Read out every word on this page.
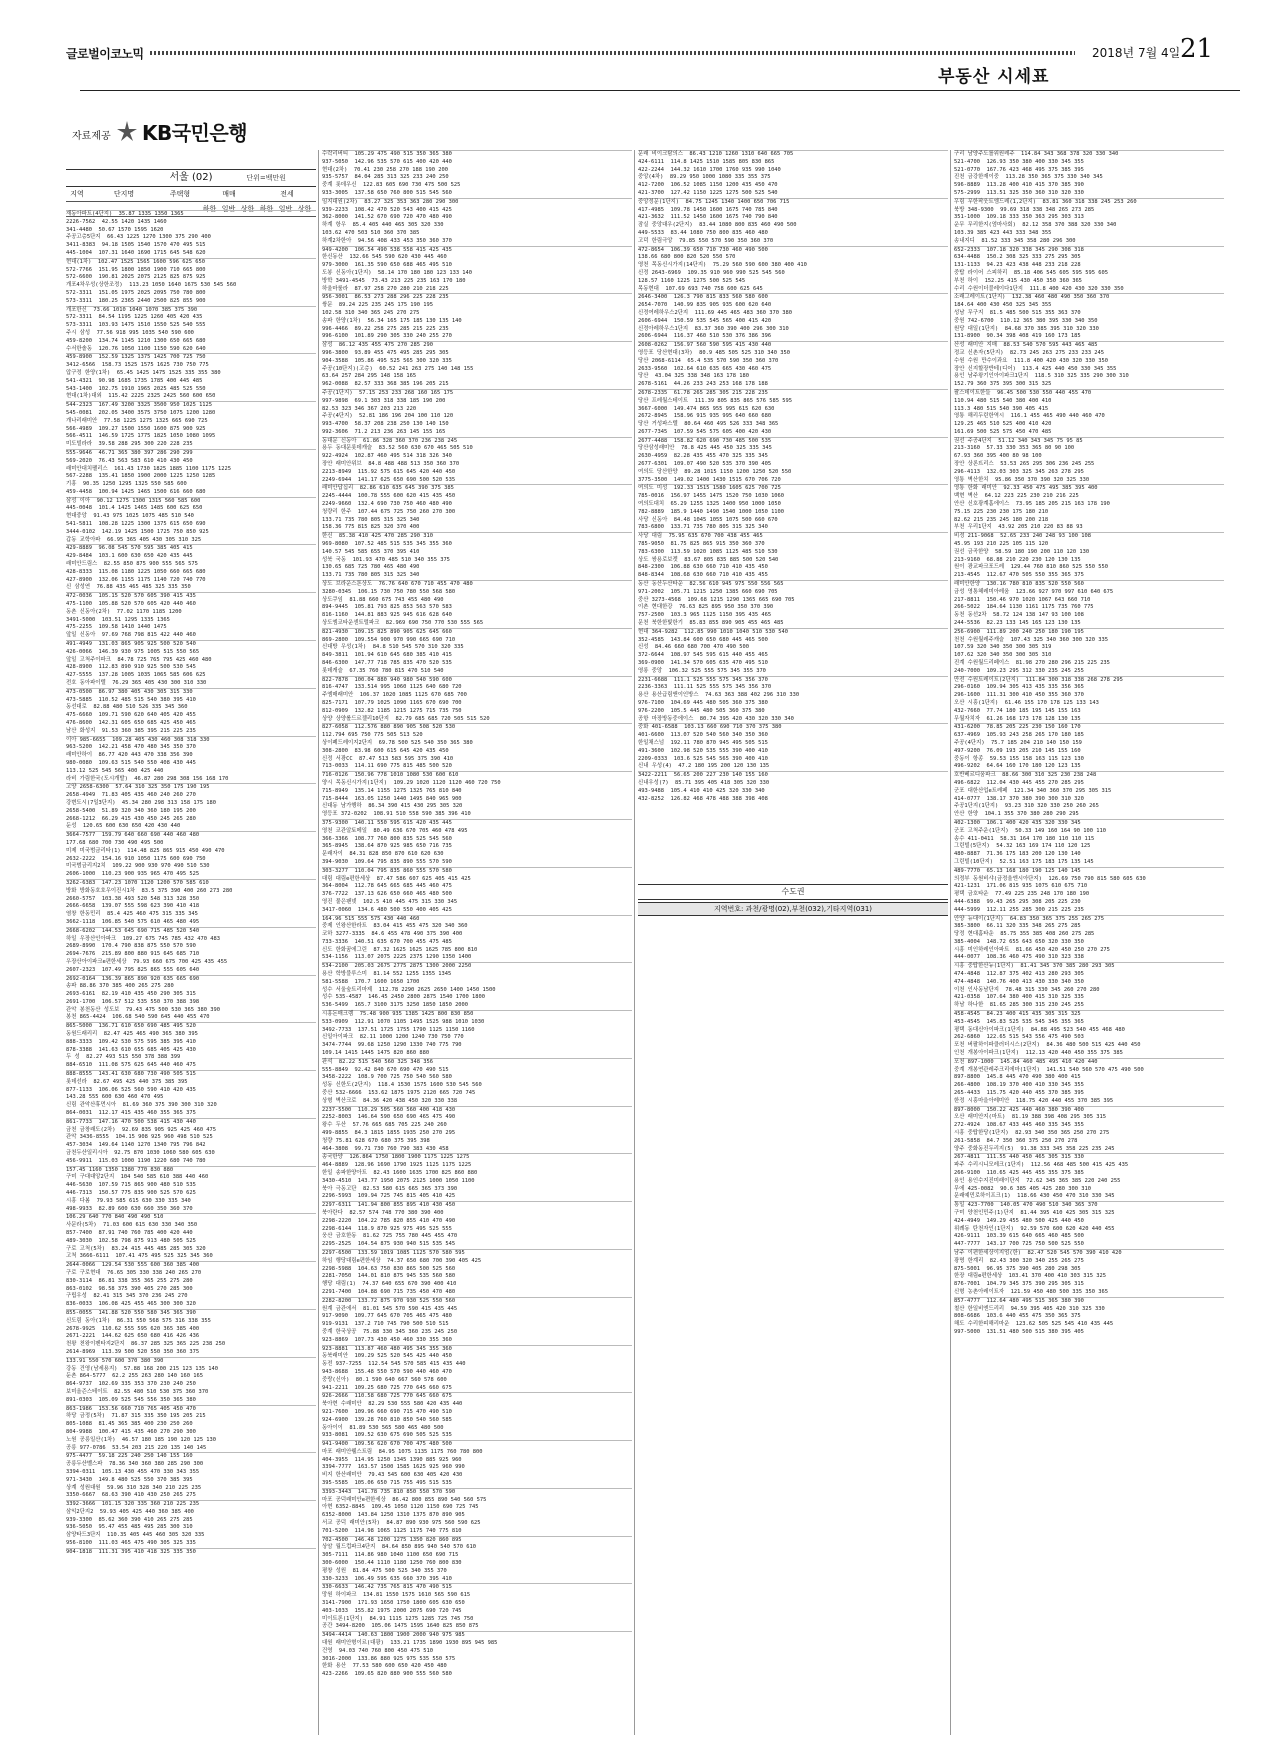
글로벌이코노믹	2018년 7월 4일 21
부동산 시세표
자료제공 KB국민은행
서울 (02)	단위=백만원
지역	단지명	주택형	매매	전세
하한 일반 상한 하한 일반 상한
재동아파트(4단지)  35.87 1335 1350 1365
2226-7562  42.55 1420 1435 1460
341-4480  50.67 1570 1595 1620
주공고층5단지  66.43 1225 1270 1300 375 290 400
3411-8383  94.18 1505 1540 1570 470 495 515
445-1004  107.31 1640 1690 1715 645 548 620
현대(1차)  102.47 1525 1565 1600 596 625 650
572-7766  151.95 1800 1850 1900 710 665 800
572-6600  190.81 2025 2075 2125 825 875 925
개포4차우성(상한조정)  113.23 1050 1640 1675 530 545 560
572-3311  151.05 1975 2025 2095 750 780 800
573-3311  180.25 2365 2440 2500 825 855 900
개포한신  73.66 1010 1040 1070 385 375 390
572-3311  84.54 1195 1225 1260 405 420 435
573-3311  103.93 1475 1510 1550 525 540 555
주시 삼성  77.56 918 995 1035 540 590 600
459-8200  134.74 1145 1210 1300 650 665 680
수서한솔동  120.76 1050 1100 1150 590 620 640
459-8900  152.59 1325 1375 1425 700 725 750
3412-6566  158.73 1525 1575 1625 730 750 775
압구정 한양(1차)  65.45 1425 1475 1525 335 355 380
541-4321  90.98 1685 1735 1785 400 445 485
543-1400  102.75 1910 1965 2025 485 525 550
현대(1차)대외  115.42 2225 2325 2425 560 600 650
544-2323  167.49 3200 3325 3500 950 1025 1125
545-0081  202.05 3400 3575 3750 1075 1200 1280
개나리래미안  77.58 1225 1275 1325 665 690 725
566-4989  109.27 1500 1550 1600 875 900 925
566-4511  146.59 1725 1775 1825 1050 1080 1095
미도빌라라  39.58 288 295 300 220 228 235
555-9646  46.71 365 380 397 286 290 299
569-2020  76.43 563 583 610 410 430 450
래미안대치팰리스  161.43 1730 1825 1885 1100 1175 1225
567-2288  135.41 1850 1900 2000 1225 1250 1285
기흥  90.35 1250 1295 1325 550 585 600
459-4458  100.94 1425 1465 1500 616 660 680
삼성 이아  90.12 1275 1300 1315 560 585 600
445-0048  101.4 1425 1465 1485 600 625 650
현대중앙  91.43 975 1025 1075 485 510 540
541-5811  108.28 1225 1300 1375 615 650 690
3444-0102  142.19 1425 1500 1725 750 850 925
갑동 교학아파  66.95 365 405 430 305 310 325
429-8889  96.08 545 570 595 385 405 415
429-8484  103.1 600 630 650 420 435 445
래미안드림스  82.55 850 875 900 555 565 575
428-8333  115.08 1180 1225 1050 660 665 680
427-8900  132.06 1155 1175 1140 720 740 770
신 삼성연  76.88 435 465 485 325 335 350
472-0036  105.15 520 570 605 390 415 435
475-1100  105.88 520 570 605 420 440 460
동촌 신동아(2차)  77.02 1170 1185 1200
3491-5000  103.51 1295 1335 1365
475-2255  109.58 1410 1440 1475
앞일 신동아  97.69 768 798 815 422 440 460
491-4949  131.03 865 905 925 500 520 540
426-0066  146.39 930 975 1005 515 550 565
앞일 고척주이파크  84.78 725 765 795 425 460 480
428-8900  112.83 890 910 925 500 530 545
427-5555  137.28 1005 1035 1065 585 606 625
전호 동아파이텔  76.29 365 405 430 300 310 330
473-0500  86.97 380 405 430 305 315 330
473-5885  110.52 485 515 540 380 395 410
동선대로  82.88 480 510 526 335 345 360
475-6660  109.71 590 620 640 405 420 455
476-8600  142.31 605 650 685 425 450 465
남산 화성지  91.53 360 385 395 215 225 235
이아 985-6655  109.28 405 430 460 308 318 330
963-5200  142.21 458 470 480 345 350 370
래미안하이  86.77 420 443 470 338 356 390
980-0080  109.63 515 540 550 408 430 445
113.12 525 545 565 400 425 440
라비 가림한국(도시개발)  46.87 280 298 308 156 168 170
고양 2658-6300  57.64 310 325 350 175 190 195
2658-4949  71.83 405 435 460 240 260 270
강변도시(7일3단지)  45.34 280 298 313 158 175 180
2658-5400  51.89 320 340 360 180 195 200
2668-1212  66.29 415 430 450 245 265 280
둔성  120.65 600 630 650 420 430 440
3664-7577  159.79 640 660 690 440 460 480
177.68 680 700 730 490 495 500
미제 미국범금리타(1)  114.48 825 865 915 450 490 470
2632-2222  154.16 910 1050 1175 600 690 750
미국범금리지2치  109.22 900 930 970 490 510 530
2606-1000  110.23 900 935 965 470 495 525
3262-6383  147.23 1070 1120 1200 570 585 610
방화 방화동호호우이진시1차  83.5 375 390 400 260 273 280
2660-5757  103.38 493 520 548 313 328 350
2666-6658  139.07 555 598 623 390 410 418
염창 한동민리  85.4 425 460 475 315 335 345
3662-1118  106.85 540 575 610 465 480 495
2668-6202  144.53 645 690 715 485 520 540
하일 우장산인아파크  109.27 675 745 785 432 470 483
2689-8990  170.4 790 838 875 550 570 590
2694-7676  215.89 800 880 915 645 685 710
우장산아이파크e편한세상  79.93 660 675 700 425 435 455
2607-2323  107.49 795 825 865 555 605 640
2692-0164  136.39 865 890 920 635 665 690
송파 88.86 370 385 400 265 275 280
2693-6161  82.19 410 435 450 290 305 315
2691-1700  106.57 512 535 550 370 388 398
관악 봉천동산 성도보  79.43 475 500 530 365 380 390
봉천 865-4424  106.68 540 590 645 440 455 470
865-5000  136.71 610 650 690 485 495 520
동원드래리리  82.47 425 465 490 365 380 395
888-3333  109.42 530 575 595 385 395 410
878-3388  141.63 610 655 685 405 425 430
두 성  82.27 493 515 550 378 388 399
884-6510  111.08 575 625 645 440 460 475
888-8555  143.41 630 680 730 490 505 515
롯데선라  82.67 495 425 440 375 385 395
877-1133  106.06 525 560 590 410 420 435
143.28 555 600 630 460 470 495
신림 관악산휴먼시아  81.69 360 375 390 300 310 320
864-0031  112.17 415 435 460 355 365 375
861-7733  147.16 470 500 538 415 430 440
금천 금창래도(2차)  92.69 835 905 925 425 460 475
관악 3436-8555  104.15 908 925 960 498 510 525
457-3034  149.64 1140 1270 1340 795 796 842
금천두산일리시아  92.75 870 1030 1060 580 605 630
456-9911  115.03 1000 1190 1220 680 740 780
157.45 1160 1350 1380 770 830 880
구미 구대대앙2단지  104 540 585 610 388 440 460
446-5630  107.59 715 865 900 480 510 535
446-7313  150.57 775 835 900 525 570 625
시흥 다봄  79.93 585 615 630 330 335 340
498-9933  82.89 600 630 660 350 360 370
106.29 640 770 840 490 490 510
사문라(5차)  71.03 600 615 630 330 340 350
857-7400  87.91 740 760 785 400 420 440
489-3030  102.58 798 875 913 480 505 525
구로 고척(5차)  83.24 415 445 485 285 305 320
고척 3666-6111  107.41 475 495 525 325 345 360
2644-0066  129.54 530 555 600 360 385 400
구로 구로현대  76.65 305 330 338 240 265 270
830-3114  86.81 338 355 365 255 275 280
863-0102  98.58 375 390 405 270 285 300
구립우성  82.41 315 345 370 236 245 270
836-0033  106.08 425 455 465 300 300 320
855-0055  141.88 520 550 580 345 365 390
신도림 동아(1차)  86.31 550 568 575 316 338 355
2678-9925  110.62 555 595 620 365 385 400
2671-2221  144.62 625 650 680 416 426 436
천왕 천왕이펜타지2단지  86.37 285 325 365 225 238 250
2614-8969  113.39 500 520 550 350 360 375
133.91 550 570 600 370 380 390
강동 건영(남세용지)  57.88 168 200 215 123 135 140
둔촌 864-5777  62.2 255 263 280 140 160 165
864-9737  102.69 335 353 370 230 240 250
보미올즌스테이트  82.55 480 510 530 375 360 370
891-0303  105.09 525 545 556 350 365 380
863-1986  153.56 660 710 765 405 450 470
하당 금정(5차)  71.87 315 335 350 195 205 215
805-1088  81.45 365 385 400 230 250 260
804-9988  100.47 415 435 460 270 290 300
노원 공릉일산(1차)  46.57 180 185 190 120 125 130
공릉 977-0786  53.54 203 215 220 135 140 145
975-4477  59.18 225 240 250 140 155 160
공릉두산벨스파  78.36 340 360 380 285 290 300
3394-0311  105.13 430 455 470 330 343 355
971-3430  149.8 480 525 550 370 385 395
상계 성원대원  59.96 310 328 340 210 225 235
3350-6667  68.63 390 410 430 250 265 275
3392-3666  101.15 320 335 360 210 225 235
삼익2단지2  59.93 405 425 440 360 385 400
939-3300  85.62 360 390 410 265 275 285
936-5050  95.47 455 485 495 285 300 310
삼양타드3단지  110.35 405 445 460 305 320 335
956-8100  111.03 465 475 490 305 325 335
904-1818  111.31 395 410 418 325 335 350
수락리버티  105.29 475 490 515 350 365 380
937-5050  142.96 535 570 615 400 420 440
현대(2차)  70.41 230 258 270 188 190 200
935-5757  84.04 285 313 325 233 240 250
중계 롯데우신  122.83 605 690 730 475 500 525
933-3005  137.58 650 760 800 515 545 560
임지대원(2차)  83.27 325 353 363 280 290 300
939-2233  108.42 470 520 543 400 415 425
362-8000  141.52 670 690 720 470 480 490
하계 항우  85.4 405 440 465 305 320 330
103.62 470 503 510 360 370 385
하계2차한아  94.56 408 433 453 350 360 370
949-4200  106.54 490 538 558 415 425 435
한신동산  132.66 545 590 620 430 445 460
979-3000  161.35 590 650 688 465 495 510
도봉 신동아(1단지)  58.14 170 180 180 123 133 140
방학 3491-4545  73.43 213 225 235 163 170 180
하울마룰라  87.97 258 270 280 210 218 225
956-3001  86.53 273 288 296 225 228 235
쌍문  89.24 225 235 245 175 190 195
102.58 310 340 365 245 270 275
송파 한양(1차)  56.34 165 175 185 130 135 140
996-4466  89.22 258 275 285 215 225 235
996-6100  101.89 290 305 330 240 255 270
삼성  86.12 435 455 475 270 285 290
996-3800  93.89 455 475 495 285 295 305
904-3588  105.86 495 525 565 300 320 335
주공(10단지)(고층)  60.52 241 263 275 140 148 155
63.64 257 284 295 148 158 165
962-0088  82.57 333 368 385 196 205 215
주공(1단지)  57.15 253 233 268 160 165 175
997-9898  69.1 303 318 338 185 190 200
82.53 323 346 367 203 213 220
주공(4단지)  52.81 186 196 204 100 110 120
993-4700  58.37 208 238 250 130 140 150
992-3606  71.2 213 236 263 145 155 165
동대문 신동아  61.86 328 360 370 236 238 245
용두 동대문롯데캐슬  83.52 560 630 670 465 505 510
922-4924  102.87 460 495 514 318 326 340
장안 래미안위브  84.8 488 488 513 350 360 370
2213-8949  115.92 575 615 645 420 440 450
2249-6944  141.17 625 650 690 500 520 535
래미안답십리  82.86 610 635 645 390 375 385
2245-4444  100.78 555 600 620 415 435 450
2249-9660  132.4 690 730 750 460 480 490
청량리 한주  107.44 675 725 750 260 270 300
133.71 735 780 805 315 325 340
158.36 775 815 825 320 370 400
한신  85.38 410 425 470 285 290 310
969-8080  107.52 485 515 535 345 355 360
140.57 545 585 655 370 395 410
성북 국동  101.93 470 485 510 340 355 375
130.65 685 725 780 465 480 490
133.71 735 780 805 315 325 340
상도 브라운스톤상도  76.76 640 670 710 455 470 480
3280-0345  106.15 730 750 780 550 568 580
상도쿠임  81.88 660 675 743 455 480 490
894-9445  105.81 793 825 853 563 570 583
816-1160  144.81 883 925 945 616 628 640
상도엠코타운센트럴파크  82.969 690 750 770 530 555 565
821-4930  109.15 825 890 905 625 645 660
869-2800  109.554 900 970 990 665 690 710
신대방 우성(1차)  84.8 510 545 570 310 320 335
849-3811  101.94 610 645 680 385 410 415
846-6300  147.77 718 785 835 470 520 535
롯데캐슬  67.35 760 780 815 470 510 540
822-7878  100.04 880 940 980 540 590 600
816-4747  133.514 995 1060 1125 640 680 720
주엠매래미안  106.37 1020 1085 1125 670 685 700
825-7171  107.79 1025 1090 1165 670 690 700
812-0909  132.82 1185 1215 1275 715 735 750
상양 상양롤드르젤리10단지  82.79 685 685 720 505 515 520
827-6058  112.576 880 890 905 508 520 530
112.794 695 750 775 505 513 520
상이폐드레이지2단지  69.78 500 525 540 350 365 380
308-2800  83.98 600 615 645 420 435 450
신정 서광CC  87.47 513 583 595 375 390 410
713-0033  114.11 690 775 815 485 500 520
716-0126  150.96 778 1010 1080 530 600 610
양시 목동신시가지(1단지)  109.29 1020 1120 1120 460 720 750
715-8949  135.14 1155 1275 1325 765 810 840
715-8444  163.05 1250 1440 1495 840 965 900
신대동 남가행하  86.34 390 415 430 295 305 320
영등포 372-0202  108.91 510 558 590 385 396 410
375-9300  140.11 550 595 615 420 435 445
영천 코관알토메일  80.49 636 670 705 460 478 495
366-3366  108.77 760 800 835 525 545 560
365-8945  138.64 870 925 985 650 716 735
문래자이  84.31 828 850 870 610 620 630
394-9030  109.64 795 835 890 555 570 590
303-3277  110.04 795 835 860 555 570 580
대림 대림e편한세상  87.47 586 607 625 405 415 425
364-8004  112.78 645 665 685 445 460 475
376-7722  137.13 626 650 660 465 480 500
영진 물은팬넷  102.5 410 445 475 315 330 345
3417-0060  134.6 480 500 550 400 405 425
164.96 515 555 575 430 440 460
중제 인왕산한라트  83.04 415 455 475 320 340 360
코하 3277-3335  84.6 455 478 490 375 390 400
733-3336  140.51 635 670 700 455 475 485
신도 한화꿈에그린  87.32 1625 1625 1625 785 800 810
534-1156  113.07 2075 2225 2375 1290 1350 1400
534-2100  205.03 2675 2775 2875 1300 2000 2250
용산 학방블루스미  81.14 552 1255 1355 1345
581-5588  170.7 1600 1650 1700
성수 서울숲트리마제  112.78 2290 2625 2650 1400 1450 1500
성수 535-4587  146.45 2450 2800 2875 1540 1700 1800
536-5499  165.7 3100 3175 3250 1850 1850 2000
시흥돈매크렘  75.48 900 935 1385 1425 800 830 850
533-0909  112.91 1070 1105 1495 1525 988 1010 1030
3492-7733  137.51 1725 1755 1790 1125 1150 1160
신일아이파크  82.11 1000 1200 1240 730 750 770
3474-7744  99.68 1250 1290 1330 740 775 790
109.14 1415 1445 1475 820 860 880
판석  82.22 515 540 560 325 348 356
555-8849  92.42 840 670 690 470 490 515
3458-2222  108.9 700 725 750 540 560 580
성동 신한도(2단지)  118.4 1530 1575 1600 530 545 560
중산 532-6666  153.62 1875 1975 2120 665 720 745
상형 벽산크로  84.36 420 438 450 320 330 338
2237-5500  110.29 505 560 560 400 418 430
2252-8003  146.64 590 650 690 465 475 490
왕수 두산  57.76 665 685 705 225 240 260
499-8855  84.3 1815 1855 1935 250 270 295
청량 75.81 628 670 680 375 395 398
464-3808  99.71 730 760 790 383 430 458
송국한양  126.864 1750 1800 1900 1175 1225 1275
464-8889  128.96 1690 1790 1925 1125 1175 1225
한일 송파한양아트  82.43 1600 1635 1700 825 860 880
3430-4510  143.77 1950 2075 2125 1000 1050 1100
북아 극동고단  82.53 580 615 665 365 373 390
2296-5993  109.94 725 745 815 405 410 425
2297-6311  141.94 800 855 895 410 430 450
북아란다  82.57 574 748 770 380 390 400
2298-2220  104.22 785 820 855 410 470 490
2298-6144  118.9 870 925 975 495 525 555
웅산 금호한동  81.62 725 755 780 445 455 470
2295-2525  104.54 875 930 940 515 535 545
2297-6500  133.59 1019 1085 1125 570 580 595
하임 행당대림e편한세상  74.37 650 680 700 390 405 425
2298-5988  104.63 750 830 865 500 525 560
2281-7050  144.01 810 875 945 535 560 580
행당 대림(1)  74.37 640 655 670 390 400 410
2291-7400  104.88 690 715 735 450 470 480
2282-8200  133.72 875 970 930 525 550 560
원계 금관에서  81.01 545 570 590 415 435 445
917-9090  109.77 645 670 705 465 475 480
919-9131  137.2 710 745 790 500 510 515
중계 한국상공  75.88 330 345 360 235 245 250
923-8869  107.73 430 450 460 330 355 360
923-8881  113.87 460 480 495 345 355 360
동북래미안  109.29 525 520 545 425 440 450
동전 937-7255  112.54 545 570 585 415 435 440
943-8688  155.48 550 570 590 440 460 470
중랑(신아)  80.1 590 640 667 560 578 600
941-2211  109.25 680 725 770 645 660 675
926-2666  110.58 680 725 770 645 660 675
북아현 수래미안  82.29 530 555 580 420 435 440
921-7600  109.96 660 690 715 470 490 510
924-6900  139.28 760 810 850 540 560 585
동아이이  81.89 530 565 580 465 480 500
933-8081  109.52 630 675 690 505 525 535
941-9400  109.56 620 670 700 475 480 500
마포 래미안웰스트림  84.95 1075 1135 1175 760 780 800
404-3955  114.95 1250 1345 1390 885 925 960
3394-7777  163.57 1500 1585 1625 925 960 990
비지 한산래미안  79.43 545 600 630 405 420 430
395-5585  105.06 650 715 755 495 515 535
3393-3443  141.78 735 810 850 550 570 590
마포 공덕래미안e편한세상  86.42 800 855 890 540 560 575
아현 6352-8845  109.45 1050 1120 1150 690 725 745
6352-8000  143.84 1250 1310 1375 870 890 905
서교 공덕 래미안(5차)  84.87 890 930 975 560 590 625
701-5200  114.98 1065 1125 1175 740 775 810
702-4500  146.48 1200 1275 1350 820 860 895
상암 월드컵파크4단지  84.64 850 895 940 540 570 610
305-7111  114.86 980 1040 1100 650 690 715
300-6000  150.44 1110 1180 1250 760 800 830
평창 성원  81.84 475 500 525 340 355 370
330-3233  106.49 595 635 660 370 395 410
330-6633  146.42 735 765 815 470 490 515
망원 하이파크  134.81 1550 1575 1610 565 590 615
3141-7900  171.93 1650 1750 1800 605 630 650
403-1033  155.82 1975 2000 2075 690 720 745
미이트론(1단지)  84.91 1115 1275 1285 725 745 750
공간 3494-8200  105.06 1475 1595 1640 825 850 875
3494-4414  140.63 1800 1900 2000 940 975 985
대원 래미안형이르(대광)  133.21 1735 1890 1930 895 945 985
건영  94.03 740 760 800 450 475 510
3016-2000  133.86 880 925 975 535 550 575
한화 용산  77.53 580 600 650 420 450 480
423-2266  109.65 820 880 900 555 560 580
문래 비이크탐의스  86.43 1210 1260 1310 640 665 705
424-6111  114.8 1425 1510 1585 805 830 865
422-2244  144.32 1610 1700 1760 935 990 1040
중앙(4차)  89.29 950 1000 1080 335 355 375
412-7200  106.52 1085 1150 1200 435 450 470
421-3700  127.42 1150 1225 1275 500 525 540
중앙정문(1단지)  84.75 1245 1340 1400 650 706 715
417-4985  109.78 1450 1600 1675 740 785 840
421-3632  111.52 1450 1600 1675 740 790 840
잠실 중앙대우(2단지)  83.44 1080 800 835 460 490 500
449-5533  83.44 1080 750 800 835 460 480
고덕 한림극앙  79.85 550 570 590 350 360 370
472-8654  106.39 650 710 730 460 490 500
138.66 680 800 820 520 550 570
영천 목동신시가지(14단지)  75.29 560 590 600 380 400 410
신정 2643-6969  109.35 910 960 990 525 545 560
128.57 1160 1225 1275 500 525 545
목동현대  107.69 693 740 758 600 625 645
2646-3400  126.3 790 815 833 560 580 600
2654-7070  140.99 835 905 935 600 620 640
신정여레하우스2단지  111.69 445 465 483 360 370 380
2606-6944  150.59 535 545 565 400 415 420
신정아레하우스1단지  83.37 360 390 400 296 300 310
2606-6944  116.37 460 510 530 376 386 396
2608-0262  156.97 560 590 595 415 430 440
영등포 당산현대(3차)  80.9 485 505 525 310 340 350
당산 2068-6114  65.4 535 570 590 350 360 370
2633-9560  102.64 610 635 665 430 460 475
당산  43.04 325 338 348 163 178 180
2678-5161  44.26 233 243 253 168 178 188
2678-2335  61.78 265 285 305 215 228 235
당산 프레월스테이트  111.39 805 835 865 576 585 595
3667-6000  149.474 865 955 995 615 620 630
2672-8945  158.96 915 935 995 640 660 680
당산 거성파스텔  80.64 460 495 526 333 348 365
2677-7345  107.59 545 575 605 400 420 430
2677-4488  158.82 620 690 730 485 500 535
당산삼성래미안  78.8 425 445 450 325 335 345
2630-4959  82.28 435 455 470 325 335 345
2677-6301  109.07 490 520 535 370 390 405
여의도 당산한양  89.28 1015 1150 1200 1250 520 550
3775-3500  149.02 1400 1430 1515 670 706 720
여의도 미성  192.33 1515 1580 1605 625 700 725
785-0016  156.97 1455 1475 1520 750 1030 1060
여의도대치  65.29 1255 1325 1400 950 1000 1050
782-8889  185.9 1440 1490 1540 1000 1050 1100
사당 신동아  84.48 1045 1055 1075 500 660 670
783-6800  133.71 735 780 805 315 325 340
사당 대림  75.95 635 670 700 438 455 465
785-9050  81.75 825 865 915 350 360 370
783-6300  113.59 1020 1085 1125 485 510 530
상도 쌍용로보켓  83.67 805 835 885 500 520 540
848-2300  106.88 630 660 710 410 435 450
848-8344  108.68 630 660 710 410 435 455
동산 동산두산타운  82.56 610 945 975 550 556 565
971-2002  105.71 1215 1250 1385 660 690 705
중산 3273-4568  109.68 1215 1290 1365 665 690 705
이촌 현대한강  76.63 825 895 950 350 370 390
757-2500  103.3 965 1125 1150 395 435 465
문천 북한한빛한기  85.83 855 890 905 455 465 485
현대 364-9282  112.85 990 1010 1040 510 530 540
352-4585  143.84 600 650 680 445 465 500
신성  84.46 660 680 700 470 490 500
372-6644  108.97 545 595 615 440 455 465
369-0900  141.34 570 605 635 470 495 510
영롱 중앙  106.32 525 555 575 345 355 370
2231-6688  111.1 525 555 575 345 356 370
2236-3363  111.11 525 555 575 345 356 370
용산 용산급림앤이인방스  74.63 363 388 402 296 310 330
976-7100  104.69 445 480 505 360 375 380
976-2200  105.5 445 480 505 360 375 380
공항 마장방동중에이스  80.74 395 420 430 320 330 340
중화 401-6588  103.13 660 690 710 370 375 380
401-6600  113.07 520 540 560 340 350 360
한일채스넘  192.11 780 870 945 495 505 515
491-3600  102.98 520 535 555 390 400 410
2209-0333  103.6 525 545 565 390 400 410
신내 우성(4)  47.2 180 195 200 120 130 135
3422-2211  56.65 200 227 230 140 155 160
신내우성(7)  85.71 395 405 418 305 320 330
493-9488  105.4 410 410 425 320 330 340
432-8252  126.82 468 478 488 388 398 408
수도권
지역번호: 과천/광명(02),부천(032),기타지역(031)
구리 남양주도를위원레주  114.84 343 368 378 320 330 340
521-4700  126.93 350 380 400 330 345 355
521-0770  167.76 423 468 495 375 385 395
진천 금강한재이중  113.28 350 365 375 330 340 345
596-8889  113.28 400 410 415 370 385 390
575-2999  113.51 325 350 360 310 320 330
우림 무한팍웃트엠드레(1,2단지)  83.81 360 318 338 245 253 260
북방 348-9300  99.69 318 338 348 265 273 285
351-1000  109.18 333 350 363 295 303 313
운무 무리한지(엄마사회)  82.12 358 370 388 320 330 340
103.39 385 423 443 333 348 355
송내지디  81.52 333 345 358 280 296 300
652-2333  107.18 320 338 345 290 308 318
634-4488  150.2 308 325 333 275 295 305
131-1133  94.23 423 438 448 233 218 228
중탑 라이어 스피하리  85.18 406 545 605 595 595 605
부천 하이  152.25 415 430 450 350 360 365
수리 수원이더블레이다1단지  111.8 400 420 430 320 330 350
소래그레이트(1단지)  132.38 460 480 490 350 360 370
184.64 400 430 450 325 345 355
성남 무구지  81.5 485 500 515 355 363 370
중원 742-6700  110.12 365 380 395 330 340 350
원당 대일(1단지)  84.68 370 385 395 310 320 330
131-8900  90.34 398 408 419 160 173 185
산성 래미안 지매  88.53 540 570 595 443 465 485
정교 신촌자(5단지)  82.73 245 263 275 233 233 245
수원 수원 만수이과요  111.8 400 420 430 320 330 350
장안 신지할장반테(디어)  113.4 425 440 450 330 345 355
용인 남주왕기인아이파크1단지  118.5 310 325 335 290 300 310
152.79 360 375 395 300 315 325
팔스데이트한들  96.45 500 530 550 440 455 470
110.94 480 515 540 380 400 410
113.3 480 515 540 390 405 415
영통 해리두린한역시  116.1 455 465 490 440 460 470
129.25 465 510 525 400 410 420
161.69 500 525 575 450 470 485
권선 주공4단지  51.12 340 343 345 75 95 85
213-3160  57.33 330 353 365 80 90 100
67.93 360 395 400 80 98 100
장안 상론뜨리스  53.53 265 295 306 236 245 255
296-4113  132.03 303 325 345 263 278 295
영통 벽산한치  95.86 350 370 390 320 325 330
영통 한화 래미안  92.33 450 475 495 385 395 400
백현 벽산  64.12 223 225 230 210 216 225
안산 신호광계홈에이스  73.95 185 205 215 163 178 190
75.15 225 230 230 175 180 210
82.62 215 235 245 180 200 218
부천 우리1단지  43.92 205 210 220 83 88 93
비정 211-9068  52.65 233 240 248 93 100 108
45.95 193 210 225 105 115 120
권선 금곡한양  58.59 180 190 200 110 120 130
213-9160  68.88 210 220 230 120 130 135
원이 광교파크포드레  129.44 760 810 860 525 550 550
213-4545  112.67 470 505 550 355 365 375
래미안한양  130.16 780 810 835 520 550 560
금성 영통헤레미아레움  123.66 927 970 997 610 640 675
217-8811  150.46 970 1020 1067 643 660 710
266-5022  184.64 1130 1161 1175 735 760 775
동천 동선2차  58.72 124 138 147 93 100 108
244-5536  82.23 133 145 165 123 130 135
256-6900  111.89 200 240 250 180 190 195
천천 수원월레주캐슬  107.43 325 340 360 300 320 335
107.59 320 340 350 300 305 319
107.62 320 340 350 300 305 310
진계 수원월드리페이스  81.98 270 280 296 215 225 235
240-7000  109.23 295 312 330 235 245 255
만전 수원트레이트(2단지)  111.84 300 318 338 268 278 295
296-0160  109.94 305 413 435 335 356 365
296-1600  111.31 300 410 450 355 360 370
오산 시흥(1단지)  61.46 155 170 178 125 133 143
432-7660  77.74 180 185 195 145 155 163
무월자치자  61.26 168 173 178 128 130 135
431-6200  78.85 205 225 230 150 160 170
637-4969  105.93 243 258 265 170 180 185
주공(4단지)  75.7 185 204 210 140 150 159
497-9200  76.09 193 205 210 145 155 160
중동이 항종  59.53 155 158 163 115 123 130
496-9202  64.64 160 170 180 120 123 135
호반베르디움파크  88.66 300 310 325 230 238 248
496-6822  112.04 430 445 455 270 285 295
군포 대한산업e트레페  121.34 340 360 370 295 305 315
414-0777  138.17 370 380 390 300 310 320
주공1단지(1단지)  93.23 310 320 330 250 260 265
안산 한양  104.1 355 370 380 280 290 295
402-1300  106.1 400 420 435 320 330 345
군포 고척주운(1단지)  50.33 149 160 164 90 100 110
송수 411-0411  58.31 164 170 180 110 110 115
그린빌(5단지)  54.32 163 169 174 110 120 125
480-8887  71.36 175 183 200 120 130 140
그린빌(10단지)  52.51 163 175 183 175 135 145
489-7770  65.13 168 180 190 125 140 145
의정부 동원비샤(금정울엔시아단지)  126.69 750 790 815 580 605 630
421-1231  171.06 815 935 1075 610 675 710
평택 금호타운  77.49 225 235 248 170 180 190
444-6388  99.43 265 295 308 205 225 230
444-5999  112.11 255 285 300 215 225 235
안양 뉴대이(1단지)  64.83 350 365 375 255 265 275
385-3800  66.11 320 335 348 265 275 285
당정 현대홈타운  85.75 355 385 408 260 275 285
385-4004  148.72 655 643 650 320 330 350
시흥 미인하레인아파트  81.66 450 420 450 250 270 275
444-0077  108.36 460 475 490 310 323 338
시흥 중탑한산뉴(1단지)  81.41 345 370 385 280 293 305
474-4848  112.87 375 402 413 280 293 305
474-4848  140.76 400 413 430 330 340 350
이천 인사동남단지  78.48 315 330 345 260 270 280
421-0358  107.64 380 400 415 310 325 335
하남 하나한  81.65 285 300 315 230 245 255
458-4545  84.23 400 415 435 305 315 325
453-4545  145.83 525 535 545 345 355 365
평택 동대신아이파크(1단지)  84.88 495 523 540 455 468 480
262-6860  122.65 515 543 556 475 490 503
포천 버팔하이파클러더시스(2단지)  84.36 480 500 515 425 440 450
인천 개봉아이파크(1단지)  112.13 420 440 450 355 375 385
포천 897-1000  145.84 460 485 495 410 420 440
중계 개봉연관레주크리에마(1단지)  141.51 540 560 570 475 490 500
897-8800  145.8 445 470 490 380 400 415
266-4800  108.19 370 400 410 330 345 355
265-4433  115.75 420 440 455 370 385 395
한정 시흥마을아레미안  118.75 420 440 455 370 385 395
897-8000  150.22 425 440 460 380 390 400
오산 래미안지(마트)  81.19 388 398 408 295 305 315
272-4924  108.67 433 445 460 335 345 355
시흥 중탑한당(1단지)  82.93 340 350 365 250 270 275
261-5858  84.7 350 360 375 250 270 278
양주 중화동진두리지(5)  91.38 333 345 358 225 235 245
267-4811  111.55 440 450 465 305 315 330
파주 수리시니모레크(1단지)  112.56 468 485 500 415 425 435
266-9100  110.65 425 445 455 355 375 385
용인 용인수지진미래이단지  72.62 345 365 385 220 240 255
무에 425-0082  90.6 385 405 425 280 300 310
문래예민로하이프크(1)  118.66 430 450 470 310 330 345
통일 423-7700  140.05 470 490 510 340 365 370
구미 양천인민주(1)단지  81.44 395 410 425 305 315 325
424-4949  149.29 455 480 500 425 440 450
위례동 탄천자인(1단지)  92.59 570 600 620 420 440 455
426-9111  103.39 615 640 665 460 485 500
447-7777  143.17 700 725 750 500 525 550
남주 이편한세상이지엄(한)  82.47 520 545 570 390 410 420
광명 한계리  82.43 300 320 340 255 265 275
875-5001  96.95 375 390 405 280 298 305
한장 대림e편한세상  103.41 370 400 410 303 315 325
876-7001  104.79 345 375 390 295 305 315
신형 농촌아레이트자  121.59 450 480 500 335 350 365
857-4777  112.64 480 495 515 365 380 390
철산 한일비엔드리리  94.59 395 405 420 310 325 330
808-6686  103.6 440 455 475 350 365 375
해도 수리한피해리마운  123.62 505 525 545 410 435 445
997-5000  131.51 480 500 515 380 395 405
